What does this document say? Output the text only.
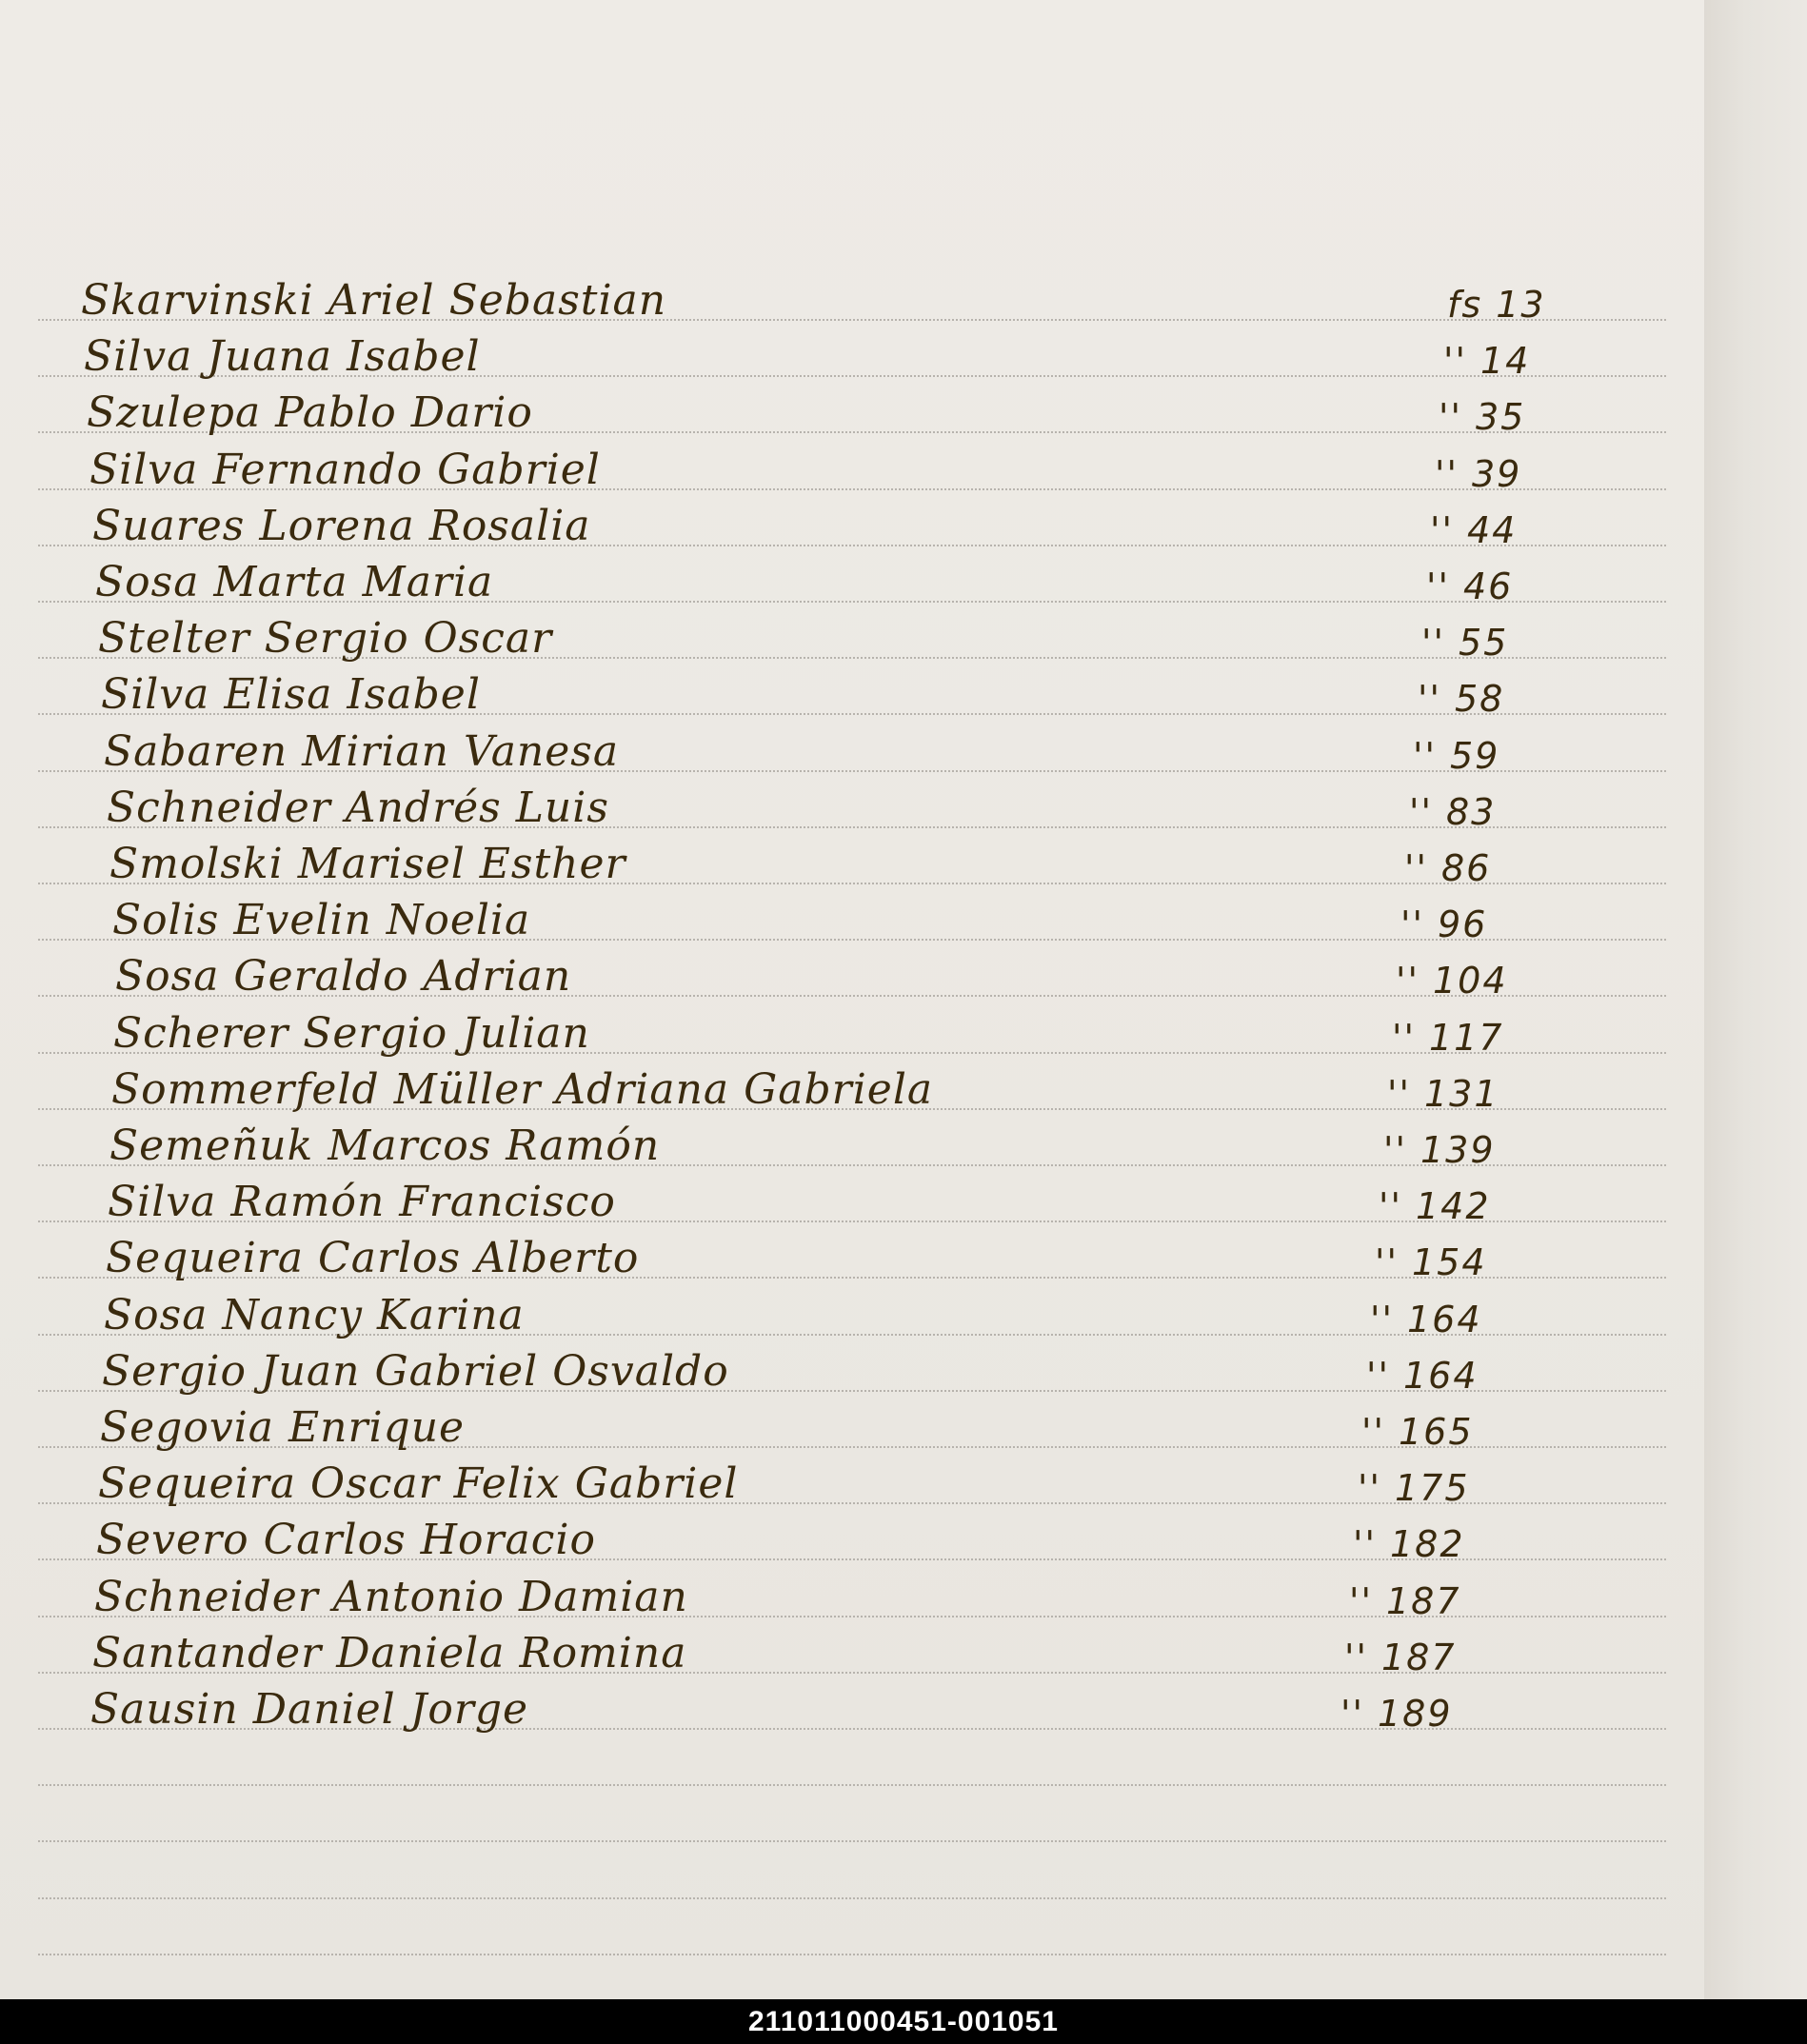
Skarvinski Ariel Sebastian	fs 13
Silva Juana Isabel	'' 14
Szulepa Pablo Dario	'' 35
Silva Fernando Gabriel	'' 39
Suares Lorena Rosalia	'' 44
Sosa Marta Maria	'' 46
Stelter Sergio Oscar	'' 55
Silva Elisa Isabel	'' 58
Sabaren Mirian Vanesa	'' 59
Schneider Andrés Luis	'' 83
Smolski Marisel Esther	'' 86
Solis Evelin Noelia	'' 96
Sosa Geraldo Adrian	'' 104
Scherer Sergio Julian	'' 117
Sommerfeld Müller Adriana Gabriela	'' 131
Semeñuk Marcos Ramón	'' 139
Silva Ramón Francisco	'' 142
Sequeira Carlos Alberto	'' 154
Sosa Nancy Karina	'' 164
Sergio Juan Gabriel Osvaldo	'' 164
Segovia Enrique	'' 165
Sequeira Oscar Felix Gabriel	'' 175
Severo Carlos Horacio	'' 182
Schneider Antonio Damian	'' 187
Santander Daniela Romina	'' 187
Sausin Daniel Jorge	'' 189
211011000451-001051
